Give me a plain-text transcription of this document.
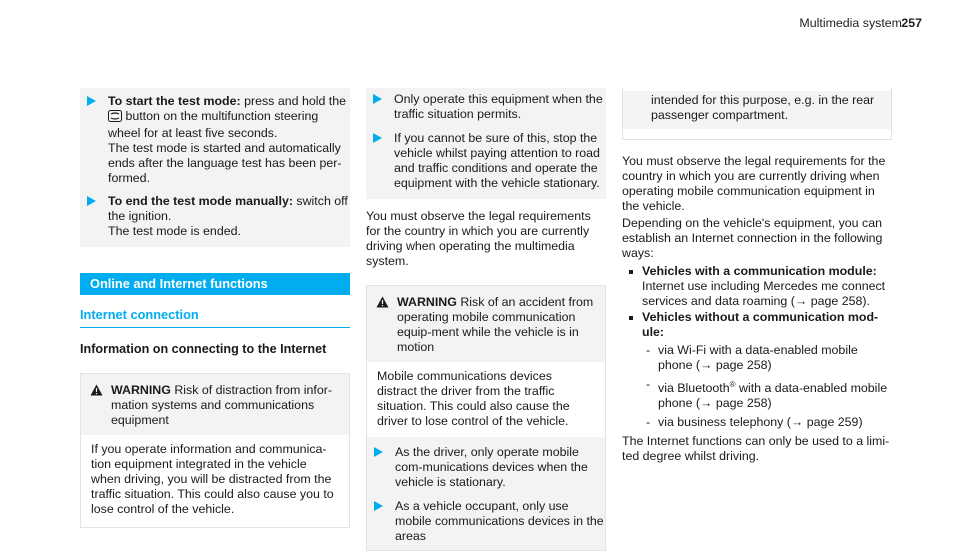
Multimedia system 257

To start the test mode: press and hold the  button on the multifunction steering wheel for at least five seconds.

The test mode is started and automatically ends after the language test has been per-formed.

To end the test mode manually: switch off the ignition.

The test mode is ended.

Online and Internet functions
Internet connection
Information on connecting to the Internet

WARNING Risk of distraction from infor-mation systems and communications equipment

If you operate information and communica-tion equipment integrated in the vehicle when driving, you will be distracted from the traffic situation. This could also cause you to lose control of the vehicle.

Only operate this equipment when the traffic situation permits.

If you cannot be sure of this, stop the vehicle whilst paying attention to road and traffic conditions and operate the equipment with the vehicle stationary.

You must observe the legal requirements for the country in which you are currently driving when operating the multimedia system.

WARNING Risk of an accident from operating mobile communication equip-ment while the vehicle is in motion

Mobile communications devices distract the driver from the traffic situation. This could also cause the driver to lose control of the vehicle.

As the driver, only operate mobile com-munications devices when the vehicle is stationary.

As a vehicle occupant, only use mobile communications devices in the areas

intended for this purpose, e.g. in the rear passenger compartment.

You must observe the legal requirements for the country in which you are currently driving when operating mobile communication equipment in the vehicle.

Depending on the vehicle's equipment, you can establish an Internet connection in the following ways:

Vehicles with a communication module:
Internet use including Mercedes me connect services and data roaming (→ page 258).
Vehicles without a communication mod-ule:
- via Wi-Fi with a data-enabled mobile phone (→ page 258)
- via Bluetooth® with a data-enabled mobile phone (→ page 258)
- via business telephony (→ page 259)

The Internet functions can only be used to a limi-ted degree whilst driving.
